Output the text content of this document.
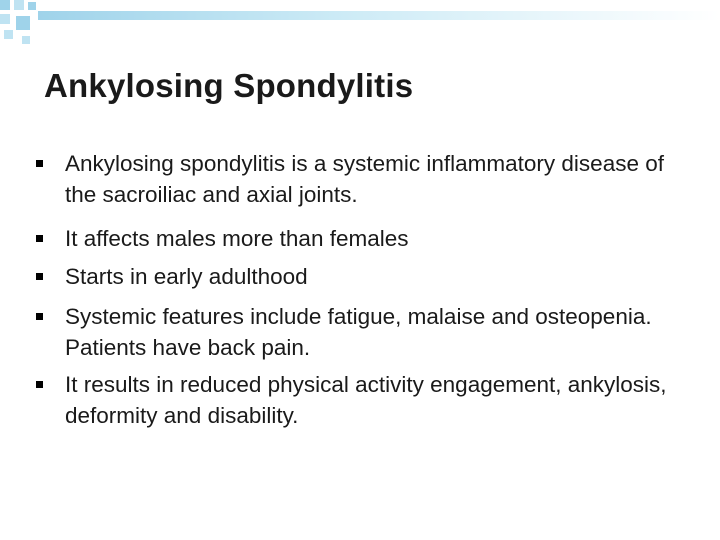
Ankylosing Spondylitis
Ankylosing spondylitis is a systemic inflammatory disease of the sacroiliac and axial joints.
It affects males more than females
Starts in early adulthood
Systemic features include fatigue, malaise and osteopenia. Patients have back pain.
It results in reduced physical activity engagement, ankylosis, deformity and disability.
